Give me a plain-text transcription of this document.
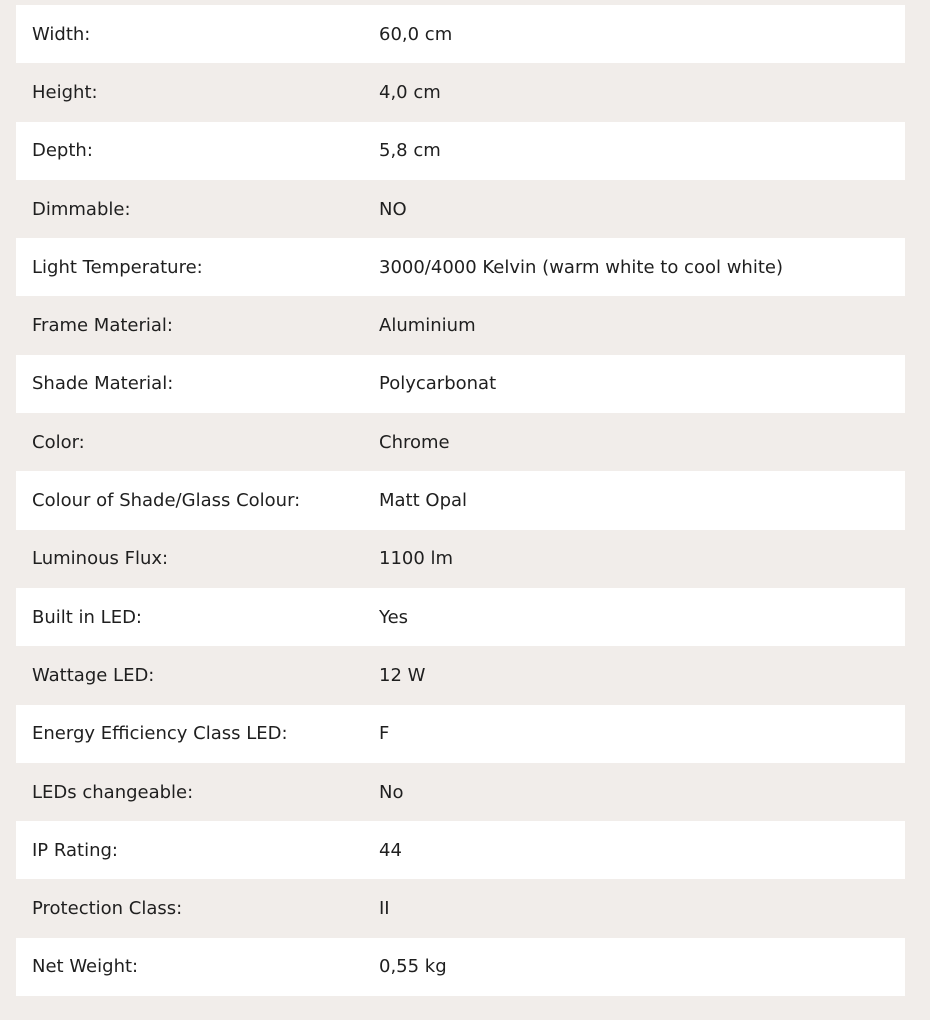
Width:	60,0 cm
Height:	4,0 cm
Depth:	5,8 cm
Dimmable:	NO
Light Temperature:	3000/4000 Kelvin (warm white to cool white)
Frame Material:	Aluminium
Shade Material:	Polycarbonat
Color:	Chrome
Colour of Shade/Glass Colour:	Matt Opal
Luminous Flux:	1100 lm
Built in LED:	Yes
Wattage LED:	12 W
Energy Efficiency Class LED:	F
LEDs changeable:	No
IP Rating:	44
Protection Class:	II
Net Weight:	0,55 kg
